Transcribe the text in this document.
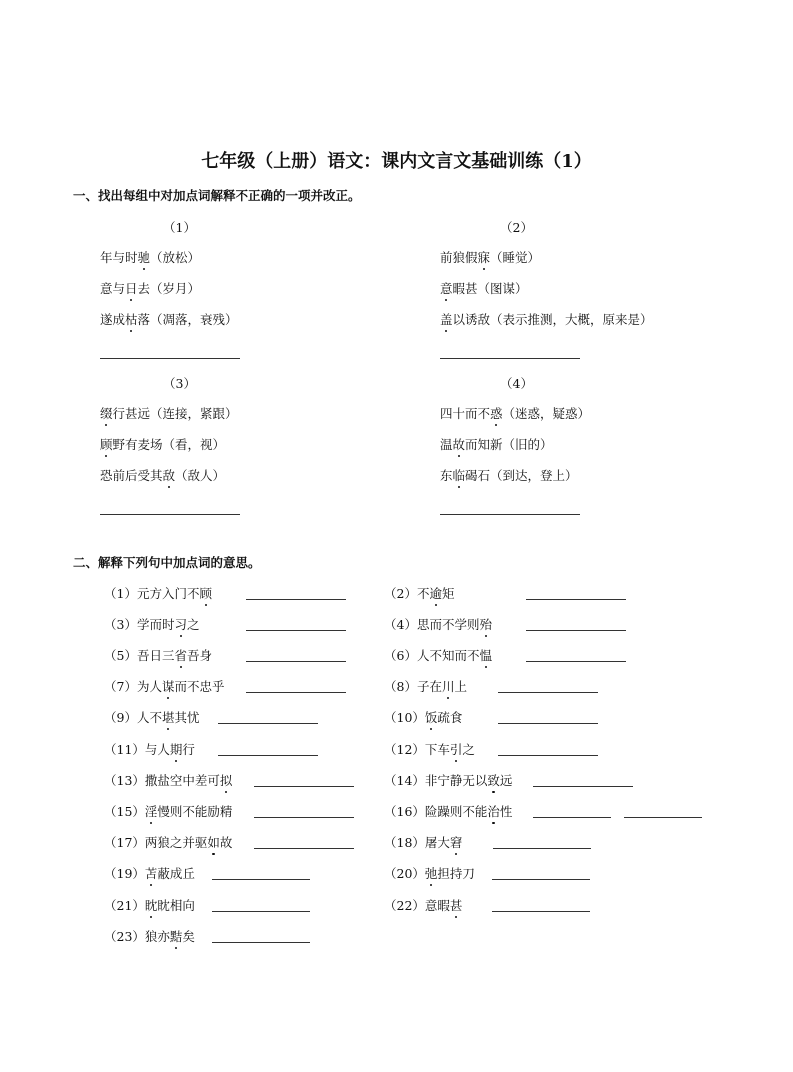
七年级（上册）语文：课内文言文基础训练（1）
一、找出每组中对加点词解释不正确的一项并改正。
（1）
年与时驰（放松）
意与日去（岁月）
遂成枯落（凋落，衰残）
（2）
前狼假寐（睡觉）
意暇甚（图谋）
盖以诱敌（表示推测，大概，原来是）
（3）
缀行甚远（连接，紧跟）
顾野有麦场（看，视）
恐前后受其敌（敌人）
（4）
四十而不惑（迷惑，疑惑）
温故而知新（旧的）
东临碣石（到达，登上）
二、解释下列句中加点词的意思。
（1）元方入门不顾	（2）不逾矩
（3）学而时习之	（4）思而不学则殆
（5）吾日三省吾身	（6）人不知而不愠
（7）为人谋而不忠乎	（8）子在川上
（9）人不堪其忧	（10）饭疏食
（11）与人期行	（12）下车引之
（13）撒盐空中差可拟	（14）非宁静无以致远
（15）淫慢则不能励精	（16）险躁则不能治性
（17）两狼之并驱如故	（18）屠大窘
（19）苫蔽成丘	（20）弛担持刀
（21）眈眈相向	（22）意暇甚
（23）狼亦黠矣
